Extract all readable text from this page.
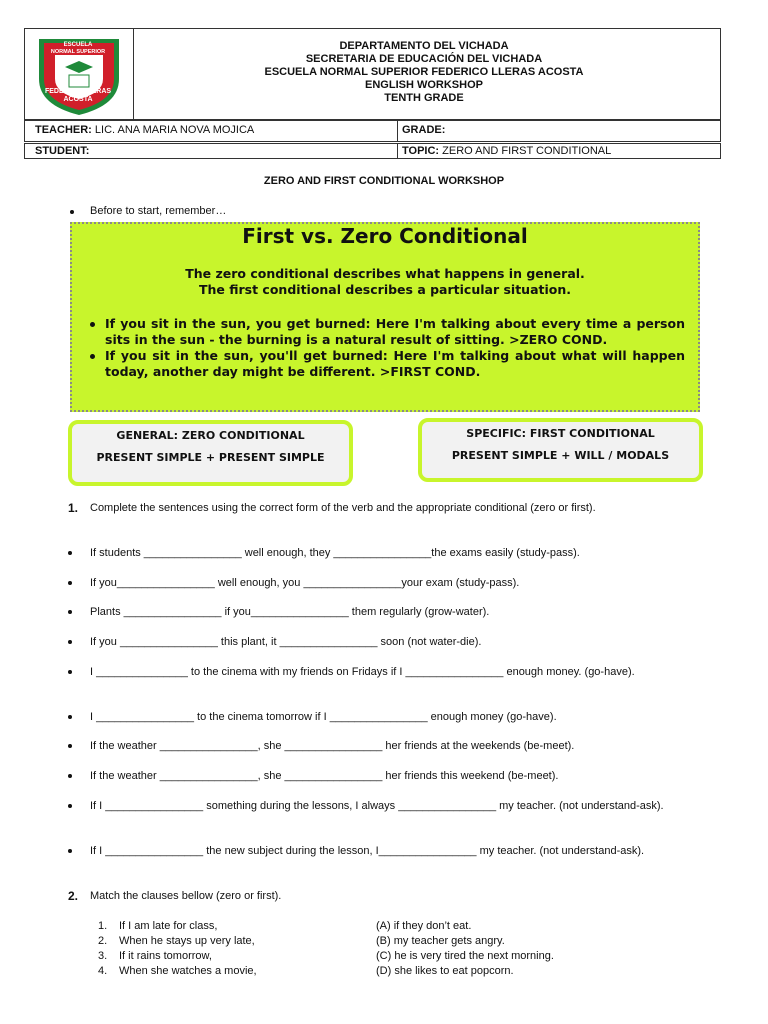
ESCUELA
NORMAL SUPERIOR
FEDERICO LLERAS
ACOSTA
DEPARTAMENTO DEL VICHADA
SECRETARIA DE EDUCACIÓN DEL VICHADA
ESCUELA NORMAL SUPERIOR FEDERICO LLERAS ACOSTA
ENGLISH WORKSHOP
TENTH GRADE
TEACHER: LIC. ANA MARIA NOVA MOJICA	GRADE:
STUDENT:	TOPIC: ZERO AND FIRST CONDITIONAL
ZERO AND FIRST CONDITIONAL WORKSHOP
Before to start, remember…
First vs. Zero Conditional
The zero conditional describes what happens in general.
The first conditional describes a particular situation.
If you sit in the sun, you get burned: Here I'm talking about every time a person sits in the sun - the burning is a natural result of sitting. >ZERO COND.
If you sit in the sun, you'll get burned: Here I'm talking about what will happen today, another day might be different. >FIRST COND.

GENERAL: ZERO CONDITIONAL

PRESENT SIMPLE + PRESENT SIMPLE

SPECIFIC: FIRST CONDITIONAL

PRESENT SIMPLE + WILL / MODALS

1. Complete the sentences using the correct form of the verb and the appropriate conditional (zero or first).
If students ________________ well enough, they ________________the exams easily (study-pass).
If you________________ well enough, you ________________your exam (study-pass).
Plants ________________ if you________________ them regularly (grow-water).
If you ________________ this plant, it ________________ soon (not water-die).
I _______________ to the cinema with my friends on Fridays if I ________________ enough money. (go-have).
I ________________ to the cinema tomorrow if I ________________ enough money (go-have).
If the weather ________________, she ________________ her friends at the weekends (be-meet).
If the weather ________________, she ________________ her friends this weekend (be-meet).
If I ________________ something during the lessons, I always ________________ my teacher. (not understand-ask).
If I ________________ the new subject during the lesson, I________________ my teacher. (not understand-ask).
2. Match the clauses bellow (zero or first).
1. If I am late for class,
2. When he stays up very late,
3. If it rains tomorrow,
4. When she watches a movie,
(A) if they don’t eat.
(B) my teacher gets angry.
(C) he is very tired the next morning.
(D) she likes to eat popcorn.
